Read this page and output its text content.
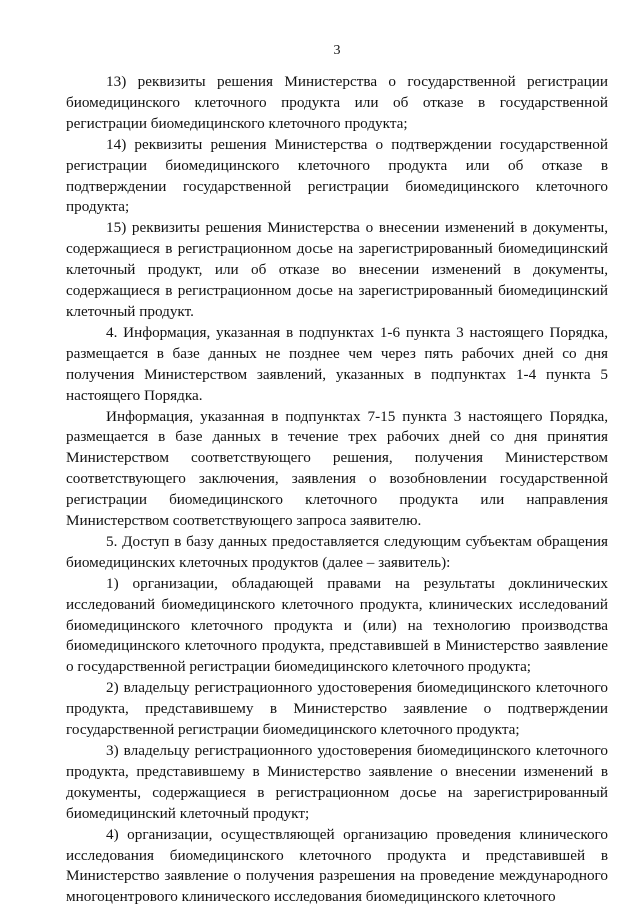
3

13) реквизиты решения Министерства о государственной регистрации биомедицинского клеточного продукта или об отказе в государственной регистрации биомедицинского клеточного продукта;

14) реквизиты решения Министерства о подтверждении государственной регистрации биомедицинского клеточного продукта или об отказе в подтверждении государственной регистрации биомедицинского клеточного продукта;

15) реквизиты решения Министерства о внесении изменений в документы, содержащиеся в регистрационном досье на зарегистрированный биомедицинский клеточный продукт, или об отказе во внесении изменений в документы, содержащиеся в регистрационном досье на зарегистрированный биомедицинский клеточный продукт.

4. Информация, указанная в подпунктах 1-6 пункта 3 настоящего Порядка, размещается в базе данных не позднее чем через пять рабочих дней со дня получения Министерством заявлений, указанных в подпунктах 1-4 пункта 5 настоящего Порядка.

Информация, указанная в подпунктах 7-15 пункта 3 настоящего Порядка, размещается в базе данных в течение трех рабочих дней со дня принятия Министерством соответствующего решения, получения Министерством соответствующего заключения, заявления о возобновлении государственной регистрации биомедицинского клеточного продукта или направления Министерством соответствующего запроса заявителю.

5. Доступ в базу данных предоставляется следующим субъектам обращения биомедицинских клеточных продуктов (далее – заявитель):

1) организации, обладающей правами на результаты доклинических исследований биомедицинского клеточного продукта, клинических исследований биомедицинского клеточного продукта и (или) на технологию производства биомедицинского клеточного продукта, представившей в Министерство заявление о государственной регистрации биомедицинского клеточного продукта;

2) владельцу регистрационного удостоверения биомедицинского клеточного продукта, представившему в Министерство заявление о подтверждении государственной регистрации биомедицинского клеточного продукта;

3) владельцу регистрационного удостоверения биомедицинского клеточного продукта, представившему в Министерство заявление о внесении изменений в документы, содержащиеся в регистрационном досье на зарегистрированный биомедицинский клеточный продукт;

4) организации, осуществляющей организацию проведения клинического исследования биомедицинского клеточного продукта и представившей в Министерство заявление о получения разрешения на проведение международного многоцентрового клинического исследования биомедицинского клеточного
